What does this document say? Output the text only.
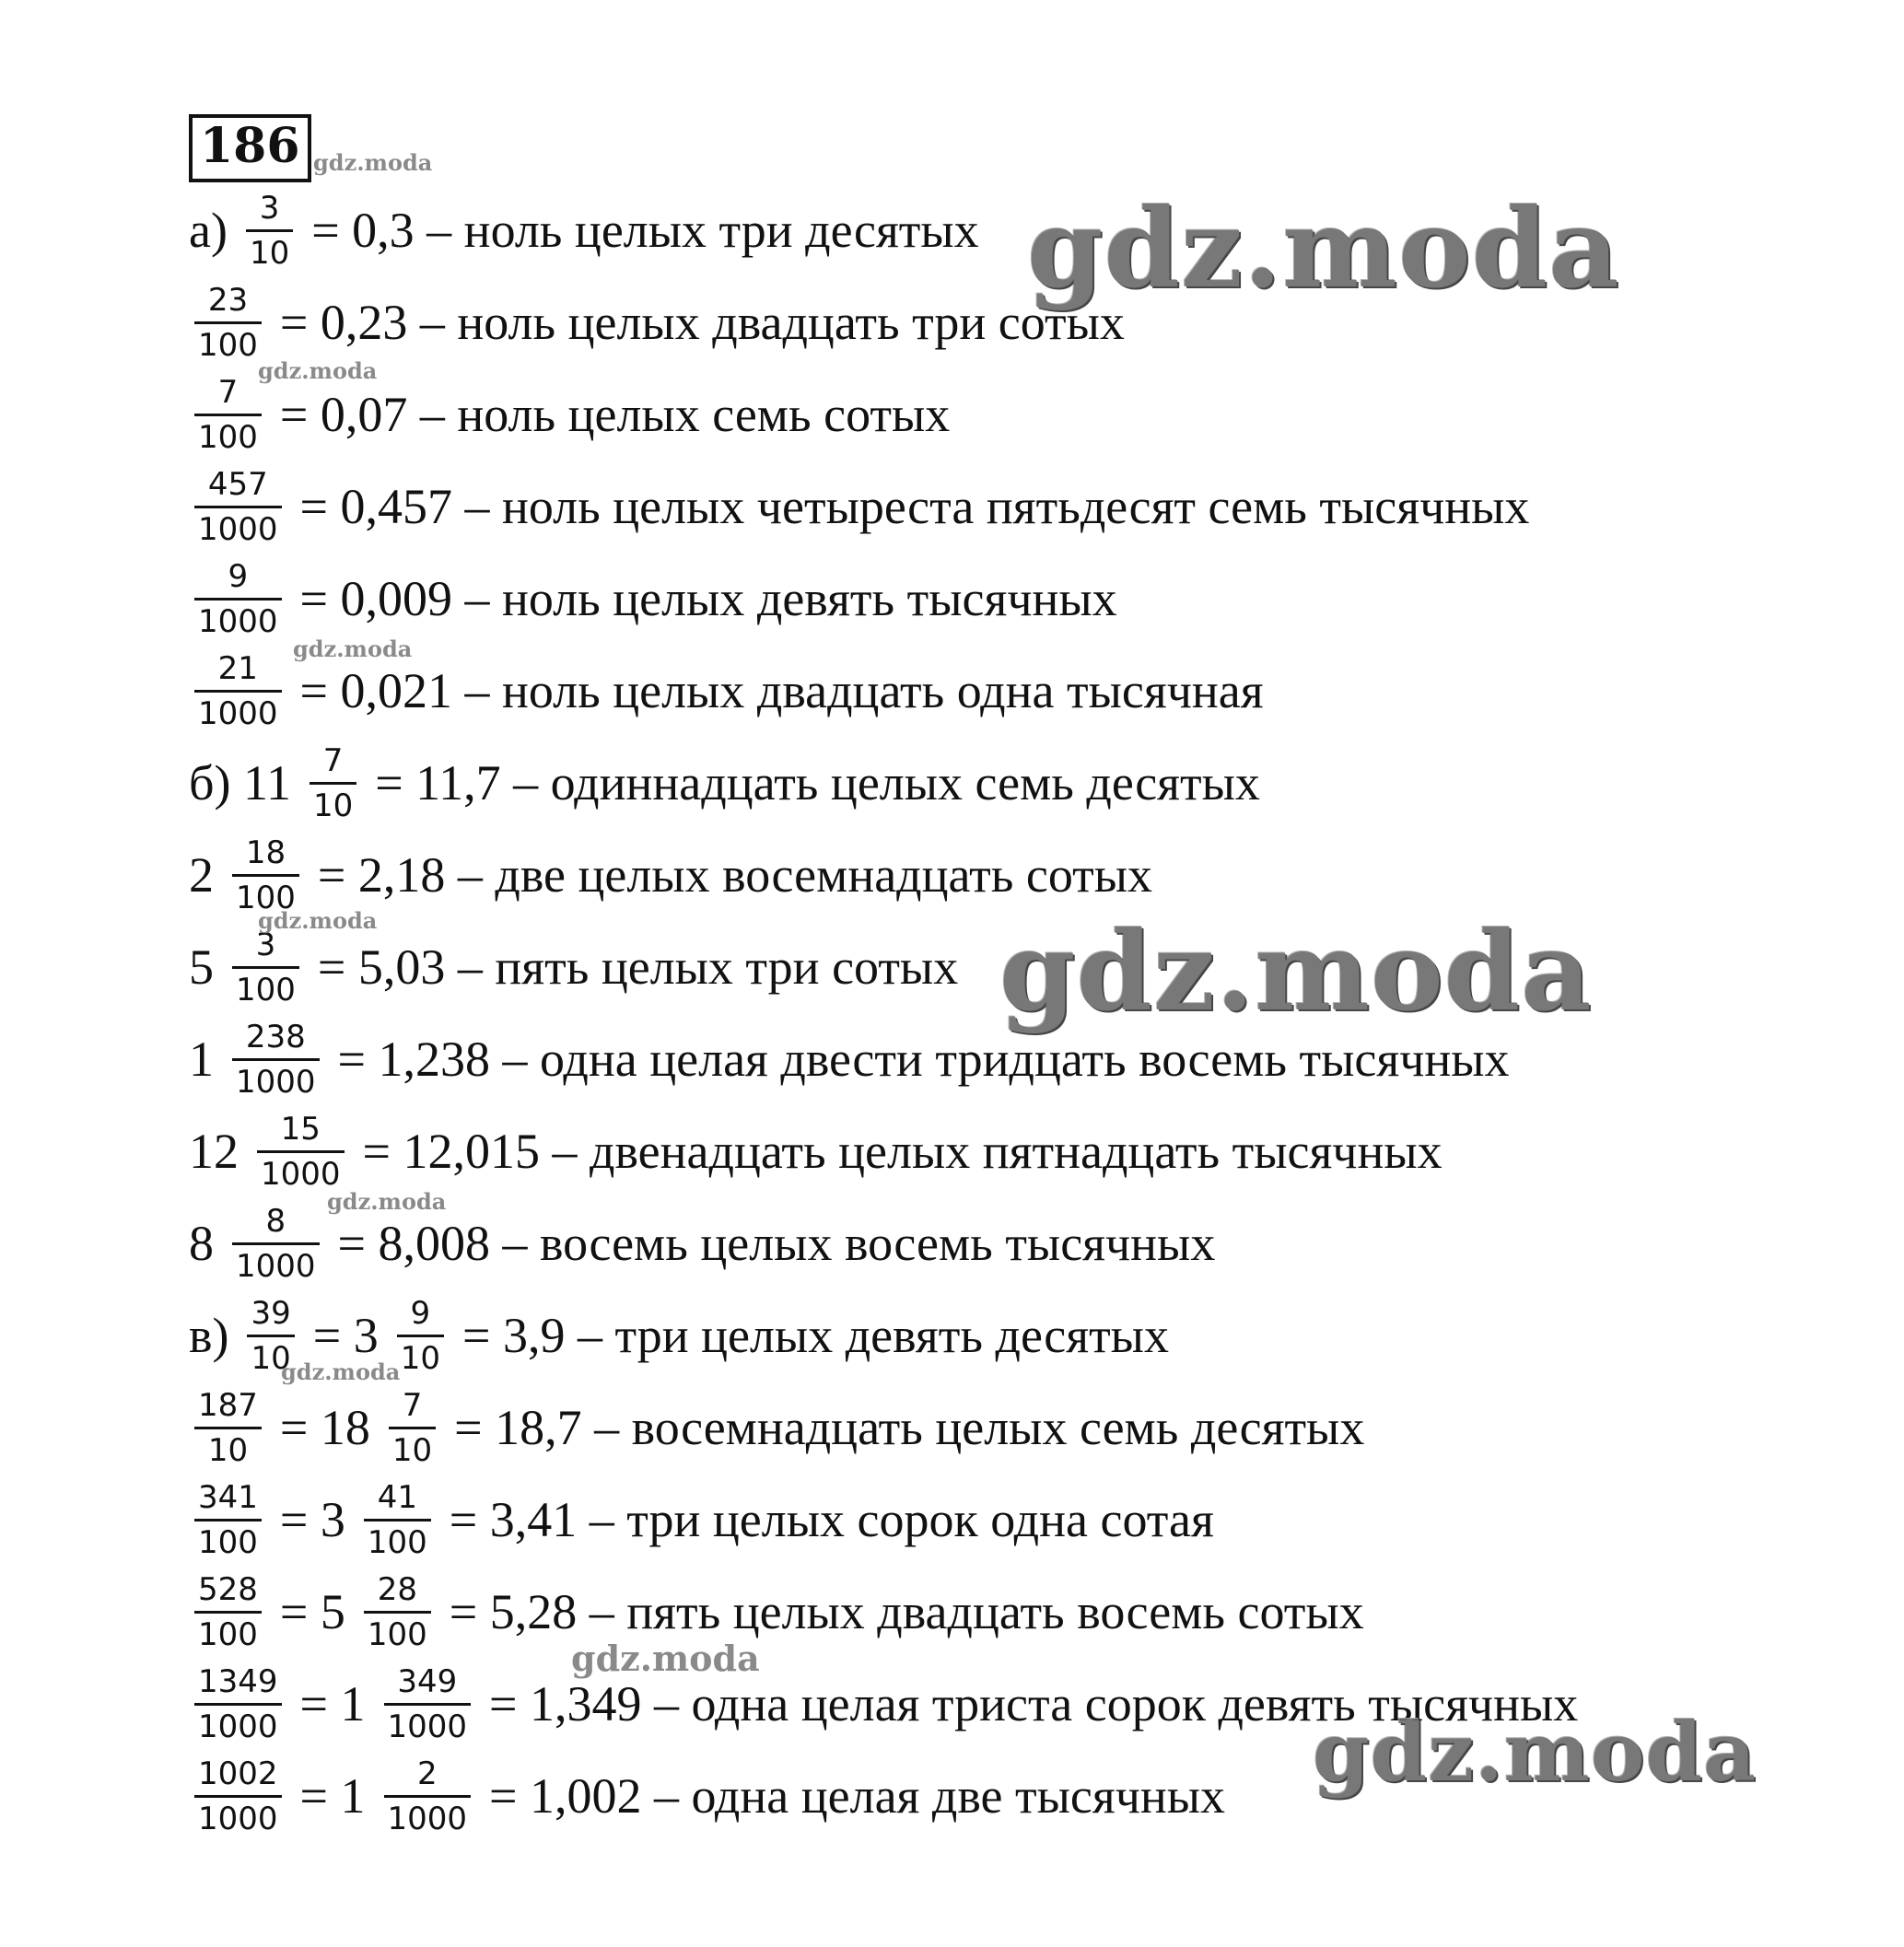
186
$а) \frac{3}{10} = 0,3$ – ноль целых три десятых
$\frac{23}{100} = 0,23$ – ноль целых двадцать три сотых
$\frac{7}{100} = 0,07$ – ноль целых семь сотых
$\frac{457}{1000} = 0,457$ – ноль целых четыреста пятьдесят семь тысячных
$\frac{9}{1000} = 0,009$ – ноль целых девять тысячных
$\frac{21}{1000} = 0,021$ – ноль целых двадцать одна тысячная
б) $11 \frac{7}{10} = 11,7$ – одиннадцать целых семь десятых
$2 \frac{18}{100} = 2,18$ – две целых восемнадцать сотых
$5 \frac{3}{100} = 5,03$ – пять целых три сотых
$1 \frac{238}{1000} = 1,238$ – одна целая двести тридцать восемь тысячных
$12 \frac{15}{1000} = 12,015$ – двенадцать целых пятнадцать тысячных
$8 \frac{8}{1000} = 8,008$ – восемь целых восемь тысячных
$в) \frac{39}{10} = 3 \frac{9}{10} = 3,9$ – три целых девять десятых
$\frac{187}{10} = 18 \frac{7}{10} = 18,7$ – восемнадцать целых семь десятых
$\frac{341}{100} = 3 \frac{41}{100} = 3,41$ – три целых сорок одна сотая
$\frac{528}{100} = 5 \frac{28}{100} = 5,28$ – пять целых двадцать восемь сотых
$\frac{1349}{1000} = 1 \frac{349}{1000} = 1,349$ – одна целая триста сорок девять тысячных
$\frac{1002}{1000} = 1 \frac{2}{1000} = 1,002$ – одна целая две тысячных
gdz.moda
gdz.moda
gdz.moda
gdz.moda
gdz.moda	gdz.moda
gdz.moda
gdz.moda
gdz.moda
gdz.moda
